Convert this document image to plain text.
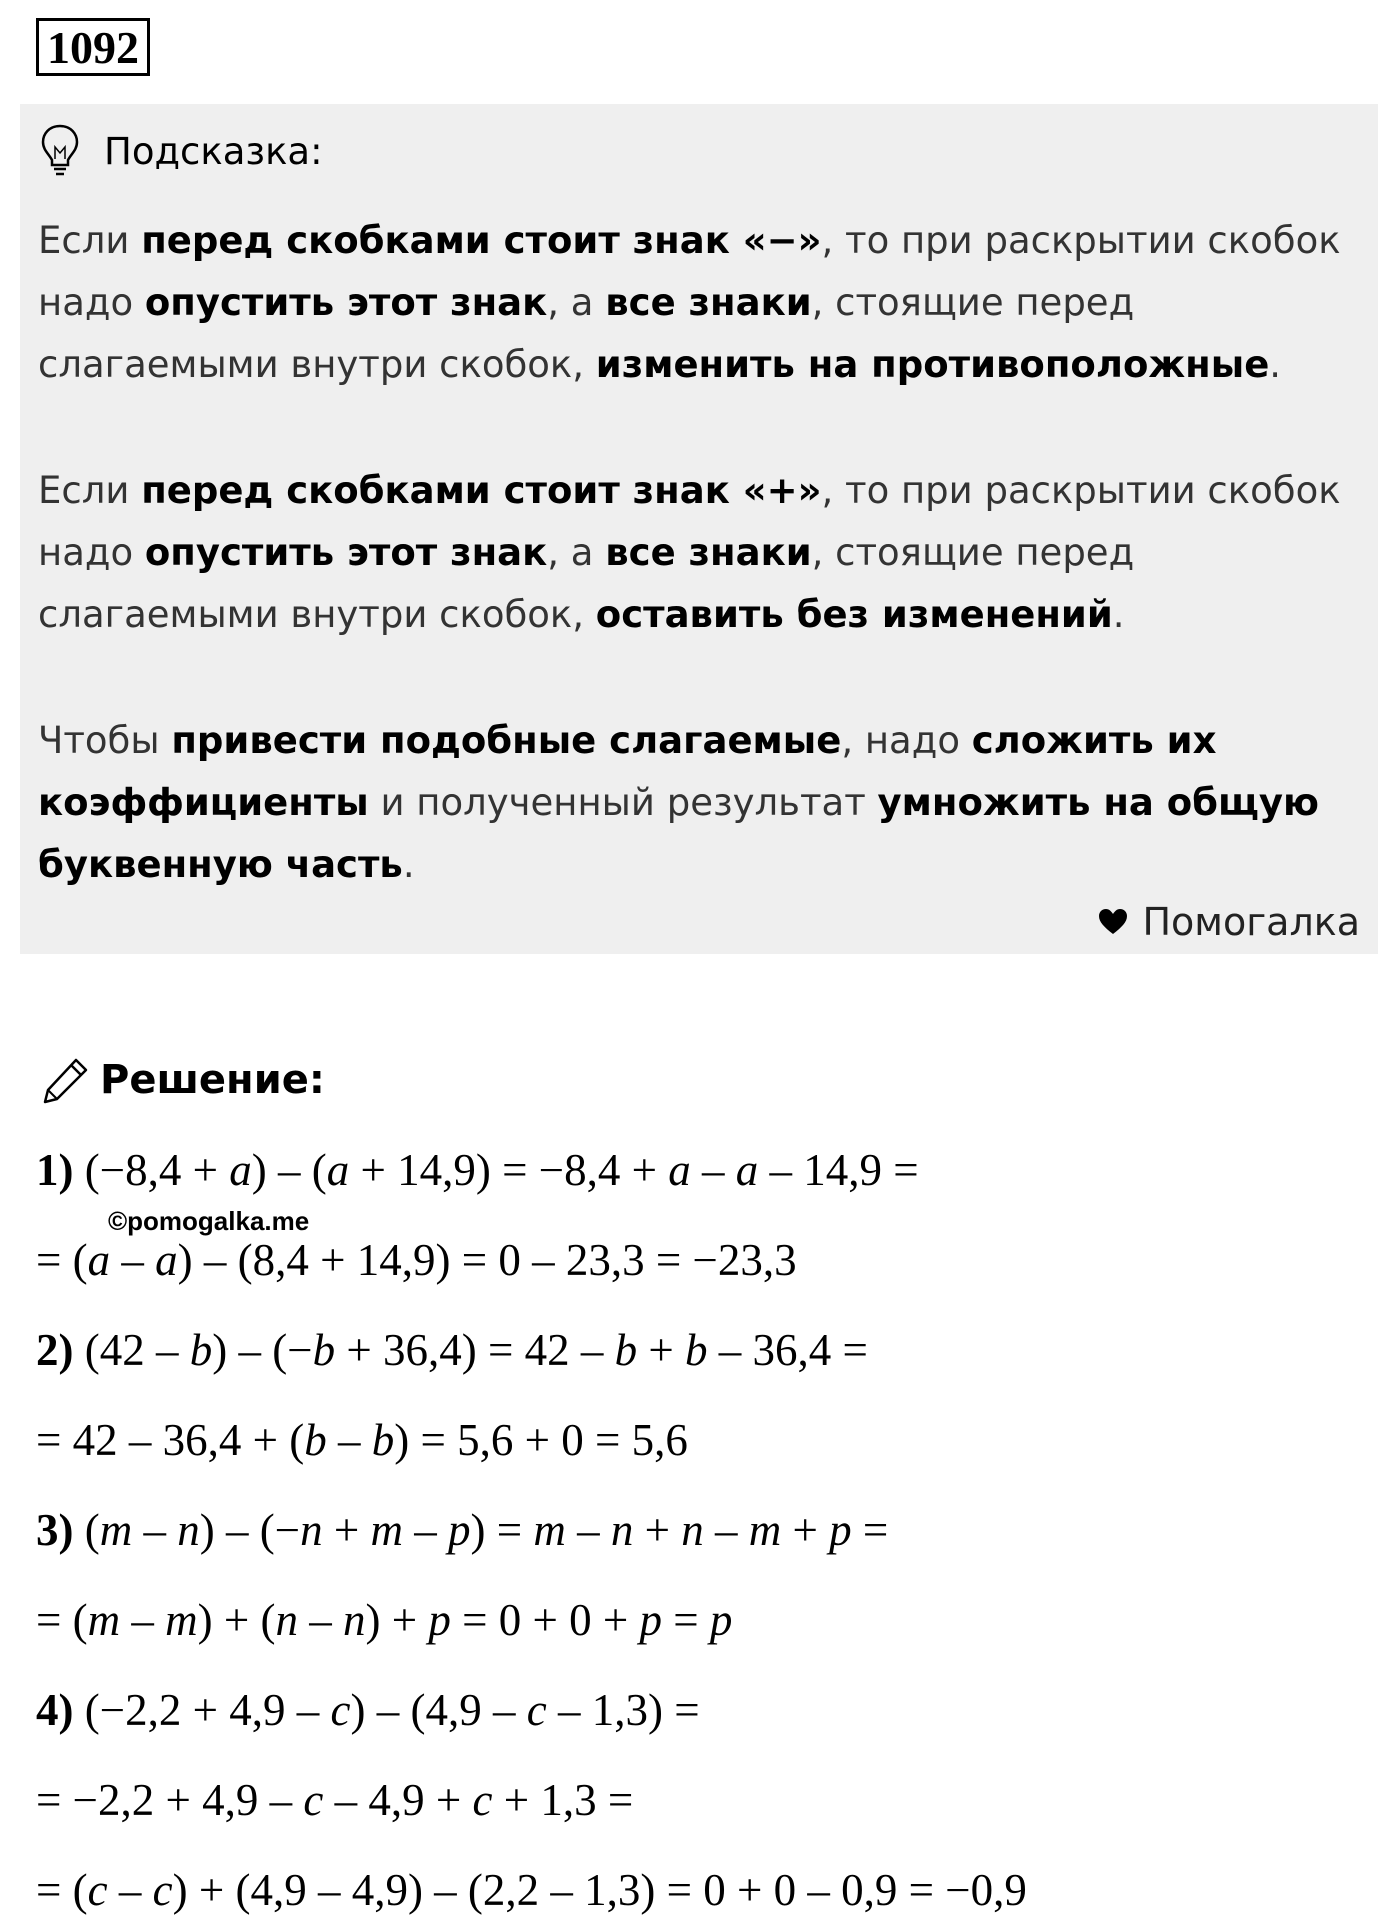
1092
Подсказка:
Если перед скобками стоит знак «−», то при раскрытии скобок надо опустить этот знак, а все знаки, стоящие перед слагаемыми внутри скобок, изменить на противоположные.
Если перед скобками стоит знак «+», то при раскрытии скобок надо опустить этот знак, а все знаки, стоящие перед слагаемыми внутри скобок, оставить без изменений.
Чтобы привести подобные слагаемые, надо сложить их коэффициенты и полученный результат умножить на общую буквенную часть.
Помогалка
Решение:
1) (−8,4 + a) – (a + 14,9) = −8,4 + a – a – 14,9 =
©pomogalka.me
= (a – a) – (8,4 + 14,9) = 0 – 23,3 = −23,3
2) (42 – b) – (−b + 36,4) = 42 – b + b – 36,4 =
= 42 – 36,4 + (b – b) = 5,6 + 0 = 5,6
3) (m – n) – (−n + m – p) = m – n + n – m + p =
= (m – m) + (n – n) + p = 0 + 0 + p = p
4) (−2,2 + 4,9 – c) – (4,9 – c – 1,3) =
= −2,2 + 4,9 – c – 4,9 + c + 1,3 =
= (c – c) + (4,9 – 4,9) – (2,2 – 1,3) = 0 + 0 – 0,9 = −0,9
